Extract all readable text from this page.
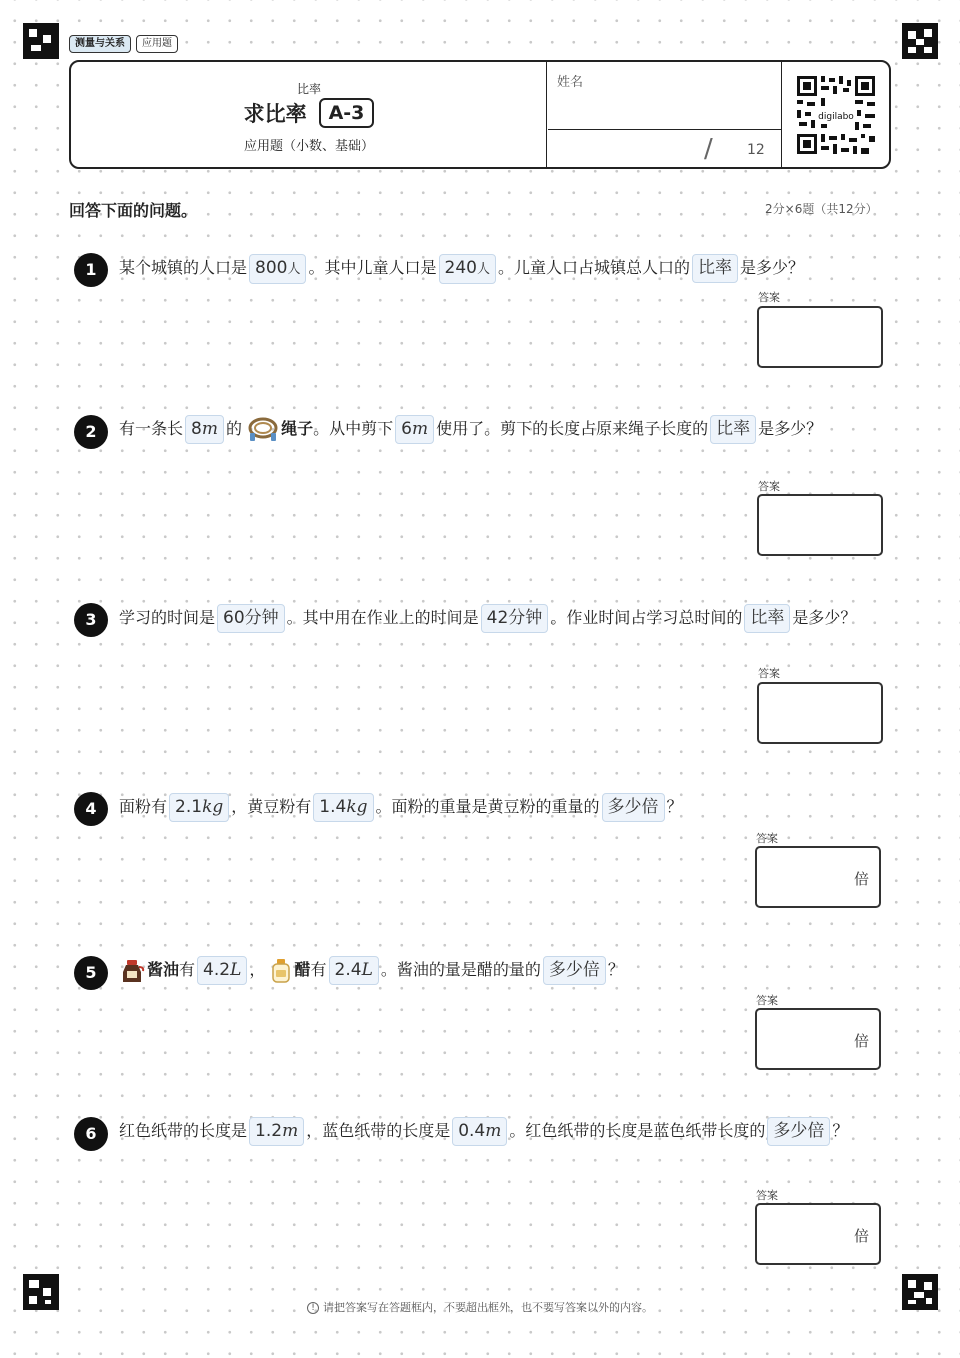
测量与关系	应用题
比率
求比率 A-3
应用题（小数、基础）
姓名
/ 12
digilabo
回答下面的问题。	2分×6题（共12分）
1	某个城镇的人口是 800人 。其中儿童人口是 240人 。儿童人口占城镇总人口的 比率 是多少？
答案
2	有一条长 8m 的 绳子。从中剪下 6m 使用了。剪下的长度占原来绳子长度的 比率 是多少？
答案
3	学习的时间是 60分钟 。其中用在作业上的时间是 42分钟 。作业时间占学习总时间的 比率 是多少？
答案
4	面粉有 2.1kg ，黄豆粉有 1.4kg 。面粉的重量是黄豆粉的重量的 多少倍 ？
答案
倍
5	酱油有 4.2L ， 醋有 2.4L 。酱油的量是醋的量的 多少倍 ？
答案
倍
6	红色纸带的长度是 1.2m ，蓝色纸带的长度是 0.4m 。红色纸带的长度是蓝色纸带长度的 多少倍 ？
答案
倍
! 请把答案写在答题框内，不要超出框外，也不要写答案以外的内容。
